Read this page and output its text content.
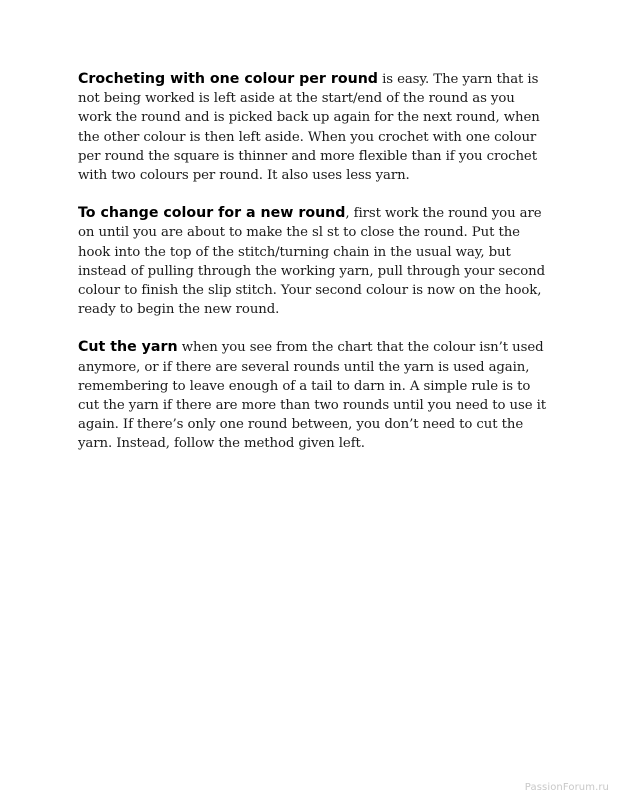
Crocheting with one colour per round is easy. The yarn that is not being worked is left aside at the start/end of the round as you work the round and is picked back up again for the next round, when the other colour is then left aside. When you crochet with one colour per round the square is thinner and more flexible than if you crochet with two colours per round. It also uses less yarn.

To change colour for a new round, first work the round you are on until you are about to make the sl st to close the round. Put the hook into the top of the stitch/turning chain in the usual way, but instead of pulling through the working yarn, pull through your second colour to finish the slip stitch. Your second colour is now on the hook, ready to begin the new round.

Cut the yarn when you see from the chart that the colour isn’t used anymore, or if there are several rounds until the yarn is used again, remembering to leave enough of a tail to darn in. A simple rule is to cut the yarn if there are more than two rounds until you need to use it again. If there’s only one round between, you don’t need to cut the yarn. Instead, follow the method given left.

PassionForum.ru
